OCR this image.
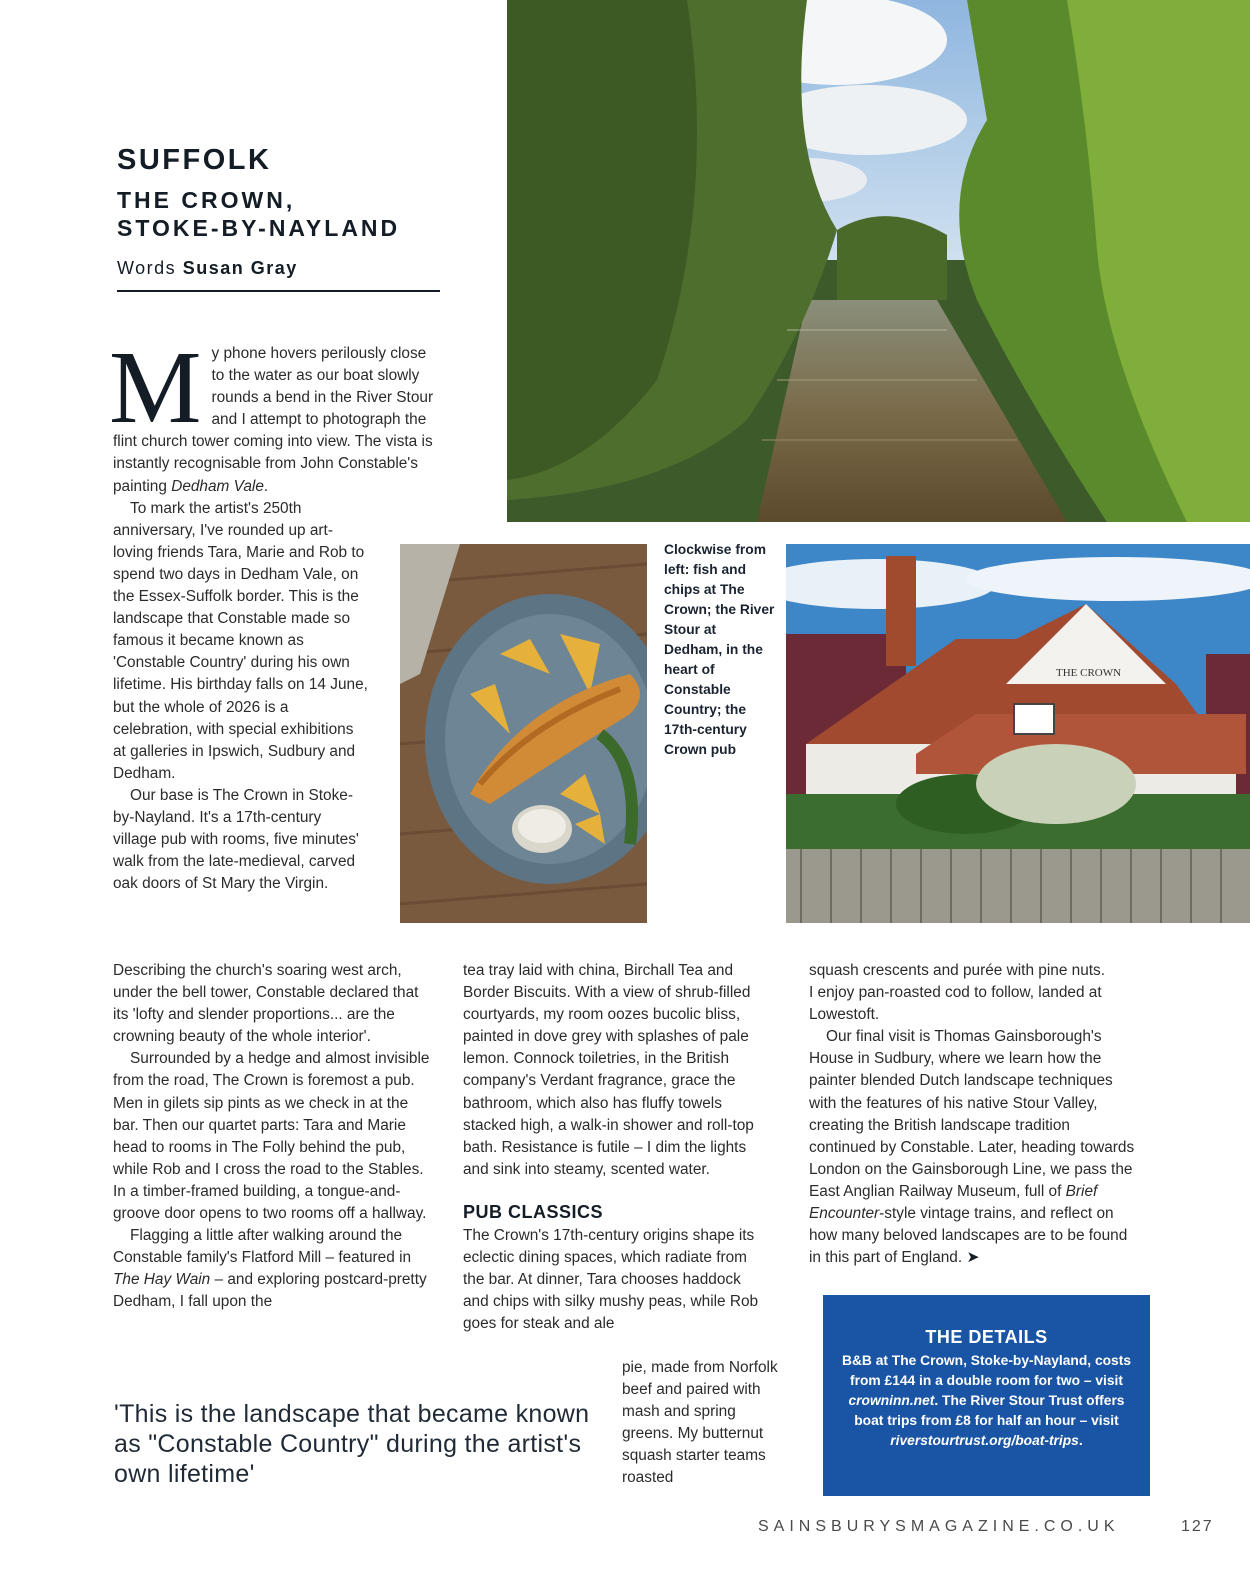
SUFFOLK
THE CROWN,
STOKE-BY-NAYLAND
Words Susan Gray

My phone hovers perilously close to the water as our boat slowly rounds a bend in the River Stour and I attempt to photograph the flint church tower coming into view. The vista is instantly recognisable from John Constable's painting Dedham Vale.

To mark the artist's 250th anniversary, I've rounded up art-loving friends Tara, Marie and Rob to spend two days in Dedham Vale, on the Essex-Suffolk border. This is the landscape that Constable made so famous it became known as 'Constable Country' during his own lifetime. His birthday falls on 14 June, but the whole of 2026 is a celebration, with special exhibitions at galleries in Ipswich, Sudbury and Dedham.

Our base is The Crown in Stoke-by-Nayland. It's a 17th-century village pub with rooms, five minutes' walk from the late-medieval, carved oak doors of St Mary the Virgin.

Describing the church's soaring west arch, under the bell tower, Constable declared that its 'lofty and slender proportions... are the crowning beauty of the whole interior'.

Surrounded by a hedge and almost invisible from the road, The Crown is foremost a pub. Men in gilets sip pints as we check in at the bar. Then our quartet parts: Tara and Marie head to rooms in The Folly behind the pub, while Rob and I cross the road to the Stables. In a timber-framed building, a tongue-and-groove door opens to two rooms off a hallway.

Flagging a little after walking around the Constable family's Flatford Mill – featured in The Hay Wain – and exploring postcard-pretty Dedham, I fall upon the

Clockwise from left: fish and chips at The Crown; the River Stour at Dedham, in the heart of Constable Country; the 17th-century Crown pub
THE CROWN

tea tray laid with china, Birchall Tea and Border Biscuits. With a view of shrub-filled courtyards, my room oozes bucolic bliss, painted in dove grey with splashes of pale lemon. Connock toiletries, in the British company's Verdant fragrance, grace the bathroom, which also has fluffy towels stacked high, a walk-in shower and roll-top bath. Resistance is futile – I dim the lights and sink into steamy, scented water.

PUB CLASSICS

The Crown's 17th-century origins shape its eclectic dining spaces, which radiate from the bar. At dinner, Tara chooses haddock and chips with silky mushy peas, while Rob goes for steak and ale

pie, made from Norfolk beef and paired with mash and spring greens. My butternut squash starter teams roasted

squash crescents and purée with pine nuts. I enjoy pan-roasted cod to follow, landed at Lowestoft.

Our final visit is Thomas Gainsborough's House in Sudbury, where we learn how the painter blended Dutch landscape techniques with the features of his native Stour Valley, creating the British landscape tradition continued by Constable. Later, heading towards London on the Gainsborough Line, we pass the East Anglian Railway Museum, full of Brief Encounter-style vintage trains, and reflect on how many beloved landscapes are to be found in this part of England. ➤

'This is the landscape that became known as "Constable Country" during the artist's own lifetime'
THE DETAILS
B&B at The Crown, Stoke-by-Nayland, costs from £144 in a double room for two – visit crowninn.net. The River Stour Trust offers boat trips from £8 for half an hour – visit riverstourtrust.org/boat-trips.
SAINSBURYSMAGAZINE.CO.UK	127
